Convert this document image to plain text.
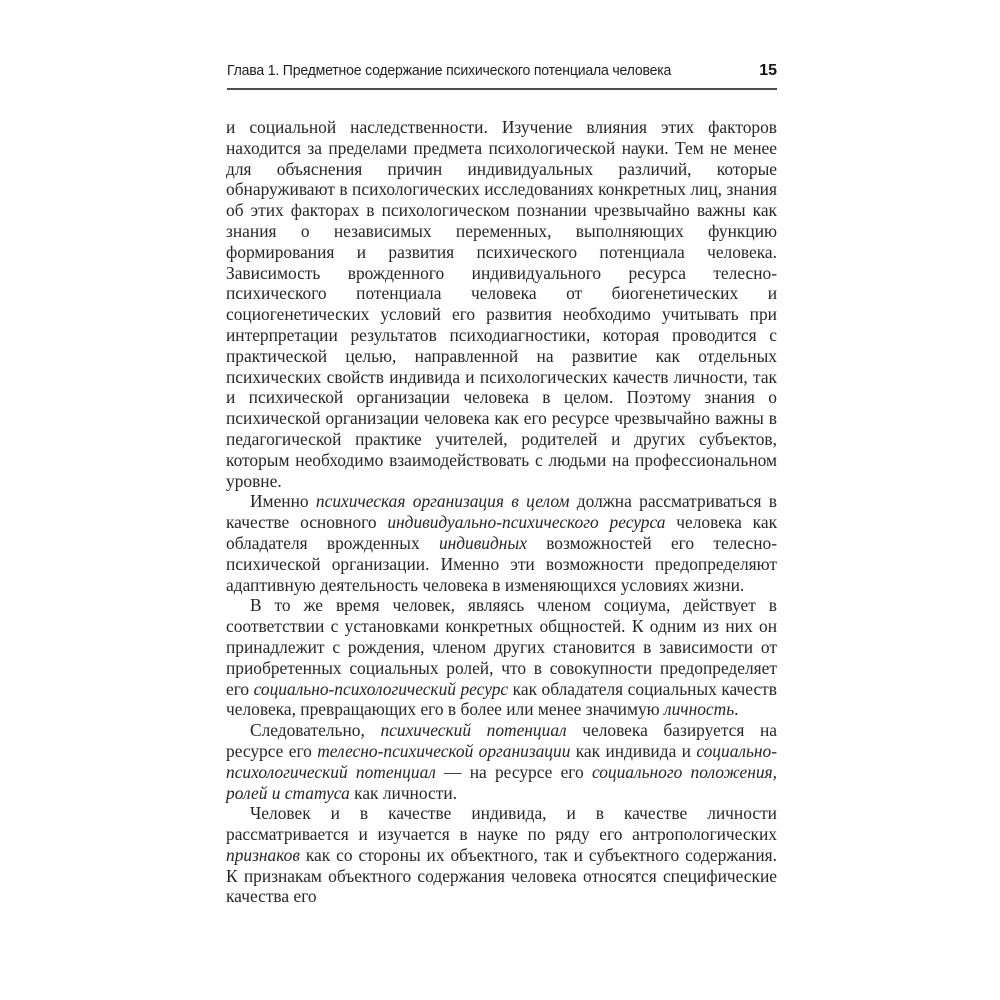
Глава 1. Предметное содержание психического потенциала человека	15

и социальной наследственности. Изучение влияния этих факторов находится за пределами предмета психологической науки. Тем не менее для объяснения причин индивидуальных различий, которые обнаруживают в психологических исследованиях конкретных лиц, знания об этих факторах в психологическом познании чрезвычайно важны как знания о независимых переменных, выполняющих функцию формирования и развития психического потенциала человека. Зависимость врожденного индивидуального ресурса телесно-психического потенциала человека от биогенетических и социогенетических условий его развития необходимо учитывать при интерпретации результатов психодиагностики, которая проводится с практической целью, направленной на развитие как отдельных психических свойств индивида и психологических качеств личности, так и психической организации человека в целом. Поэтому знания о психической организации человека как его ресурсе чрезвычайно важны в педагогической практике учителей, родителей и других субъектов, которым необходимо взаимодействовать с людьми на профессиональном уровне.

Именно психическая организация в целом должна рассматриваться в качестве основного индивидуально-психического ресурса человека как обладателя врожденных индивидных возможностей его телесно-психической организации. Именно эти возможности предопределяют адаптивную деятельность человека в изменяющихся условиях жизни.

В то же время человек, являясь членом социума, действует в соответствии с установками конкретных общностей. К одним из них он принадлежит с рождения, членом других становится в зависимости от приобретенных социальных ролей, что в совокупности предопределяет его социально-психологический ресурс как обладателя социальных качеств человека, превращающих его в более или менее значимую личность.

Следовательно, психический потенциал человека базируется на ресурсе его телесно-психической организации как индивида и социально-психологический потенциал — на ресурсе его социального положения, ролей и статуса как личности.

Человек и в качестве индивида, и в качестве личности рассматривается и изучается в науке по ряду его антропологических признаков как со стороны их объектного, так и субъектного содержания. К признакам объектного содержания человека относятся специфические качества его
